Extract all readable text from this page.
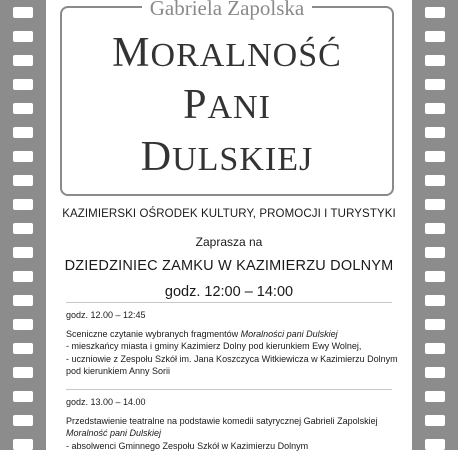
Gabriela Zapolska
MORALNOŚĆ
PANI
DULSKIEJ
KAZIMIERSKI OŚRODEK KULTURY, PROMOCJI I TURYSTYKI
Zaprasza na
DZIEDZINIEC ZAMKU W KAZIMIERZU DOLNYM
godz. 12:00 – 14:00
godz. 12.00 – 12:45
Sceniczne czytanie wybranych fragmentów Moralności pani Dulskiej
- mieszkańcy miasta i gminy Kazimierz Dolny pod kierunkiem Ewy Wolnej,
- uczniowie z Zespołu Szkół im. Jana Koszczyca Witkiewicza w Kazimierzu Dolnym
pod kierunkiem Anny Sorii
godz. 13.00 – 14.00
Przedstawienie teatralne na podstawie komedii satyrycznej Gabrieli Zapolskiej
Moralność pani Dulskiej
- absolwenci Gminnego Zespołu Szkół w Kazimierzu Dolnym
